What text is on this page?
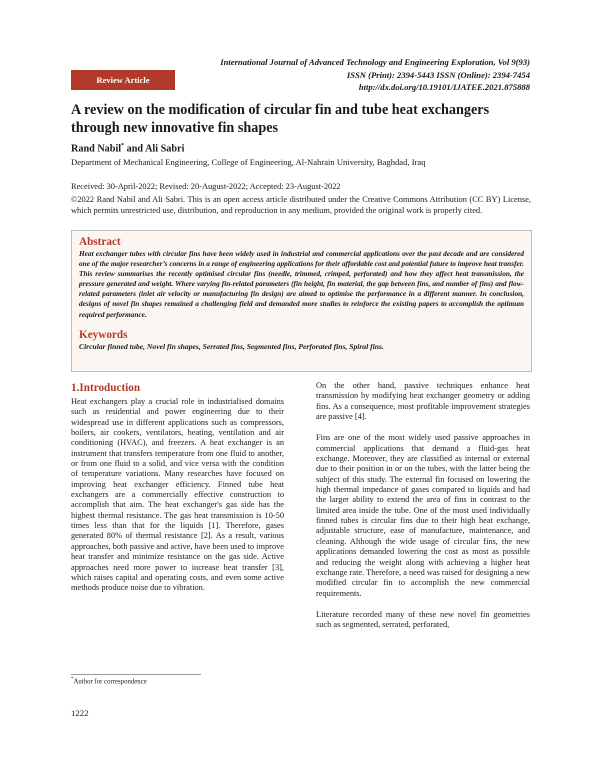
International Journal of Advanced Technology and Engineering Exploration, Vol 9(93)
ISSN (Print): 2394-5443 ISSN (Online): 2394-7454
http://dx.doi.org/10.19101/IJATEE.2021.875888
Review Article
A review on the modification of circular fin and tube heat exchangers through new innovative fin shapes
Rand Nabil* and Ali Sabri
Department of Mechanical Engineering, College of Engineering, Al-Nahrain University, Baghdad, Iraq
Received: 30-April-2022; Revised: 20-August-2022; Accepted: 23-August-2022
©2022 Rand Nabil and Ali Sabri. This is an open access article distributed under the Creative Commons Attribution (CC BY) License, which permits unrestricted use, distribution, and reproduction in any medium, provided the original work is properly cited.
Abstract

Heat exchanger tubes with circular fins have been widely used in industrial and commercial applications over the past decade and are considered one of the major researcher’s concerns in a range of engineering applications for their affordable cost and potential future to improve heat transfer. This review summarises the recently optimised circular fins (needle, trimmed, crimped, perforated) and how they affect heat transmission, the pressure generated and weight. Where varying fin-related parameters (fin height, fin material, the gap between fins, and number of fins) and flow-related parameters (inlet air velocity or manufacturing fin design) are aimed to optimise the performance in a different manner. In conclusion, designs of novel fin shapes remained a challenging field and demanded more studies to reinforce the existing papers to accomplish the optimum required performance.

Keywords

Circular finned tube, Novel fin shapes, Serrated fins, Segmented fins, Perforated fins, Spiral fins.

1.Introduction

Heat exchangers play a crucial role in industrialised domains such as residential and power engineering due to their widespread use in different applications such as compressors, boilers, air cookers, ventilators, heating, ventilation and air conditioning (HVAC), and freezers. A heat exchanger is an instrument that transfers temperature from one fluid to another, or from one fluid to a solid, and vice versa with the condition of temperature variations. Many researches have focused on improving heat exchanger efficiency. Finned tube heat exchangers are a commercially effective construction to accomplish that aim. The heat exchanger's gas side has the highest thermal resistance. The gas heat transmission is 10-50 times less than that for the liquids [1]. Therefore, gases generated 80% of thermal resistance [2]. As a result, various approaches, both passive and active, have been used to improve heat transfer and minimize resistance on the gas side. Active approaches need more power to increase heat transfer [3], which raises capital and operating costs, and even some active methods produce noise due to vibration.

On the other hand, passive techniques enhance heat transmission by modifying heat exchanger geometry or adding fins. As a consequence, most profitable improvement strategies are passive [4].

Fins are one of the most widely used passive approaches in commercial applications that demand a fluid-gas heat exchange. Moreover, they are classified as internal or external due to their position in or on the tubes, with the latter being the subject of this study. The external fin focused on lowering the high thermal impedance of gases compared to liquids and had the larger ability to extend the area of fins in contrast to the limited area inside the tube. One of the most used individually finned tubes is circular fins due to their high heat exchange, adjustable structure, ease of manufacture, maintenance, and cleaning. Although the wide usage of circular fins, the new applications demanded lowering the cost as most as possible and reducing the weight along with achieving a higher heat exchange rate. Therefore, a need was raised for designing a new modified circular fin to accomplish the new commercial requirements.

Literature recorded many of these new novel fin geometries such as segmented, serrated, perforated,

*Author for correspondence
1222
